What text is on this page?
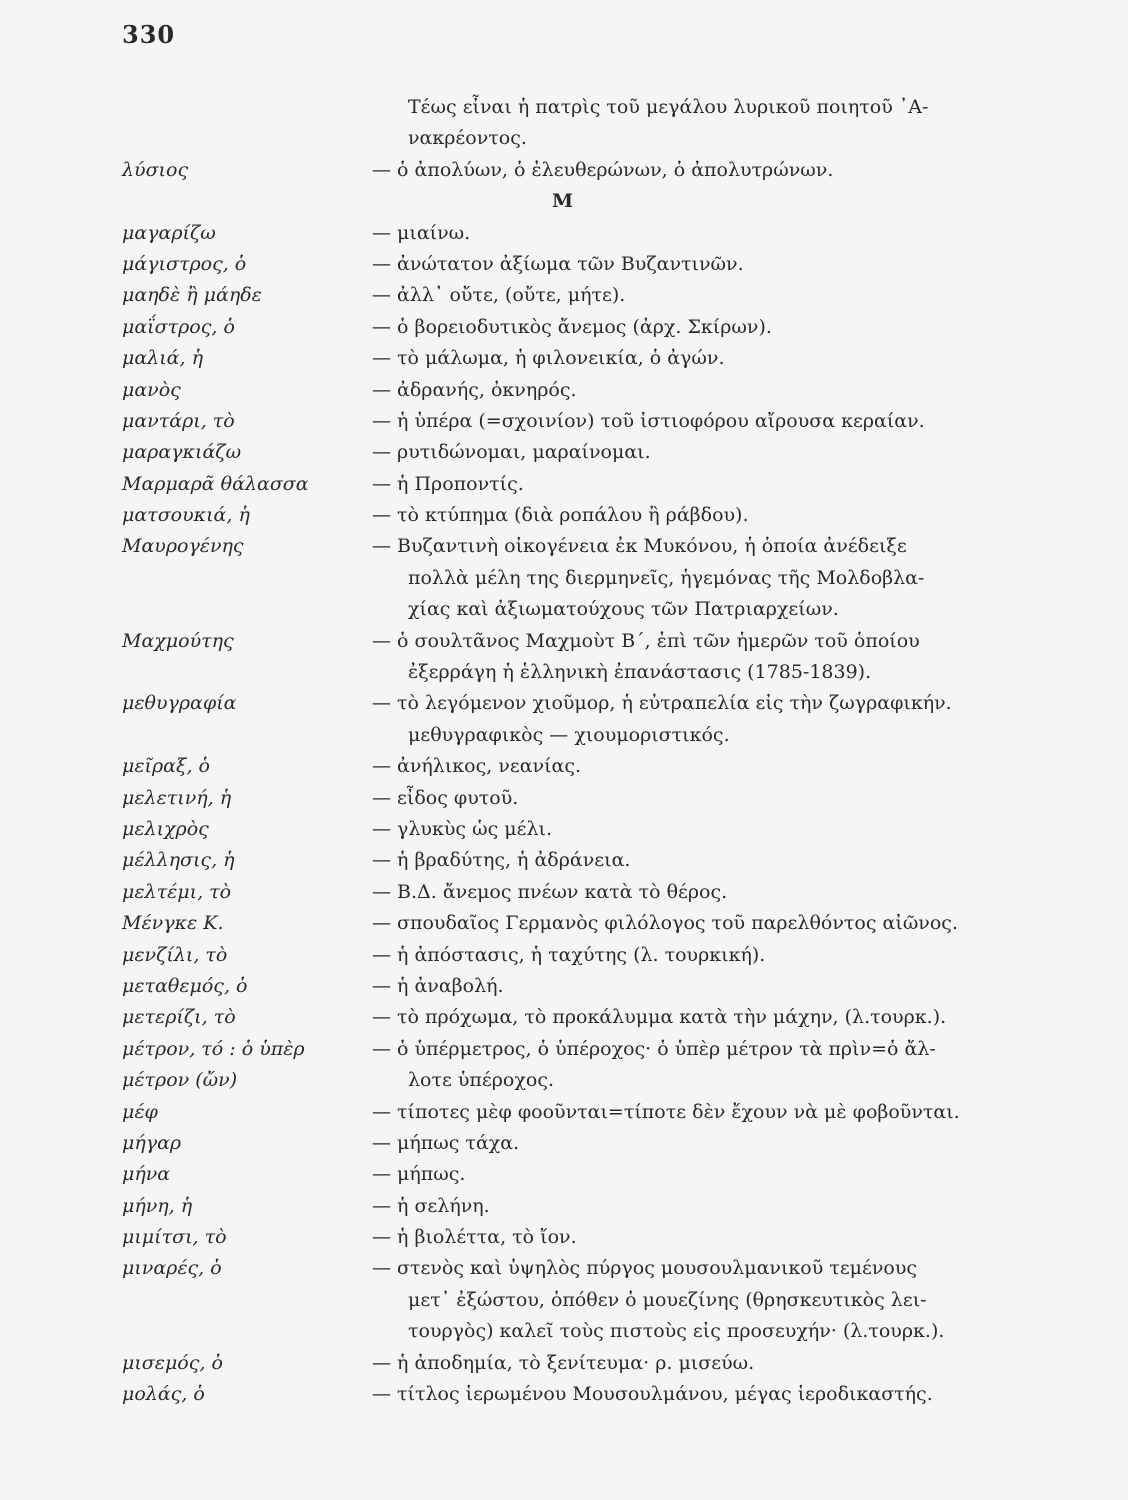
330
Τέως εἶναι ἡ πατρὶς τοῦ μεγάλου λυρικοῦ ποιητοῦ ᾿Α-
νακρέοντος.
λύσιος	— ὁ ἀπολύων, ὁ ἐλευθερώνων, ὁ ἀπολυτρώνων.
M
μαγαρίζω	— μιαίνω.
μάγιστρος, ὁ	— ἀνώτατον ἀξίωμα τῶν Βυζαντινῶν.
μαηδὲ ἢ μάηδε	— ἀλλ᾿ οὔτε, (οὔτε, μήτε).
μαΐστρος, ὁ	— ὁ βορειοδυτικὸς ἄνεμος (ἀρχ. Σκίρων).
μαλιά, ἡ	— τὸ μάλωμα, ἡ φιλονεικία, ὁ ἀγών.
μανὸς	— ἀδρανής, ὀκνηρός.
μαντάρι, τὸ	— ἡ ὑπέρα (=σχοινίον) τοῦ ἱστιοφόρου αἴρουσα κεραίαν.
μαραγκιάζω	— ρυτιδώνομαι, μαραίνομαι.
Μαρμαρᾶ θάλασσα	— ἡ Προποντίς.
ματσουκιά, ἡ	— τὸ κτύπημα (διὰ ροπάλου ἢ ράβδου).
Μαυρογένης	— Βυζαντινὴ οἰκογένεια ἐκ Μυκόνου, ἡ ὁποία ἀνέδειξε
πολλὰ μέλη της διερμηνεῖς, ἡγεμόνας τῆς Μολδοβλα-
χίας καὶ ἀξιωματούχους τῶν Πατριαρχείων.
Μαχμούτης	— ὁ σουλτᾶνος Μαχμοὺτ Β΄, ἐπὶ τῶν ἡμερῶν τοῦ ὁποίου
ἐξερράγη ἡ ἑλληνικὴ ἐπανάστασις (1785-1839).
μεθυγραφία	— τὸ λεγόμενον χιοῦμορ, ἡ εὐτραπελία εἰς τὴν ζωγραφικήν.
μεθυγραφικὸς — χιουμοριστικός.
μεῖραξ, ὁ	— ἀνήλικος, νεανίας.
μελετινή, ἡ	— εἶδος φυτοῦ.
μελιχρὸς	— γλυκὺς ὡς μέλι.
μέλλησις, ἡ	— ἡ βραδύτης, ἡ ἀδράνεια.
μελτέμι, τὸ	— Β.Δ. ἄνεμος πνέων κατὰ τὸ θέρος.
Μένγκε Κ.	— σπουδαῖος Γερμανὸς φιλόλογος τοῦ παρελθόντος αἰῶνος.
μενζίλι, τὸ	— ἡ ἀπόστασις, ἡ ταχύτης (λ. τουρκική).
μεταθεμός, ὁ	— ἡ ἀναβολή.
μετερίζι, τὸ	— τὸ πρόχωμα, τὸ προκάλυμμα κατὰ τὴν μάχην, (λ.τουρκ.).
μέτρον, τό : ὁ ὑπὲρ	— ὁ ὑπέρμετρος, ὁ ὑπέροχος· ὁ ὑπὲρ μέτρον τὰ πρὶν=ὁ ἄλ-
μέτρον (ὤν)	λοτε ὑπέροχος.
μέφ	— τίποτες μὲφ φοοῦνται=τίποτε δὲν ἔχουν νὰ μὲ φοβοῦνται.
μήγαρ	— μήπως τάχα.
μήνα	— μήπως.
μήνη, ἡ	— ἡ σελήνη.
μιμίτσι, τὸ	— ἡ βιολέττα, τὸ ἴον.
μιναρές, ὁ	— στενὸς καὶ ὑψηλὸς πύργος μουσουλμανικοῦ τεμένους
μετ᾿ ἐξώστου, ὁπόθεν ὁ μουεζίνης (θρησκευτικὸς λει-
τουργὸς) καλεῖ τοὺς πιστοὺς εἰς προσευχήν· (λ.τουρκ.).
μισεμός, ὁ	— ἡ ἀποδημία, τὸ ξενίτευμα· ρ. μισεύω.
μολάς, ὁ	— τίτλος ἱερωμένου Μουσουλμάνου, μέγας ἱεροδικαστής.
